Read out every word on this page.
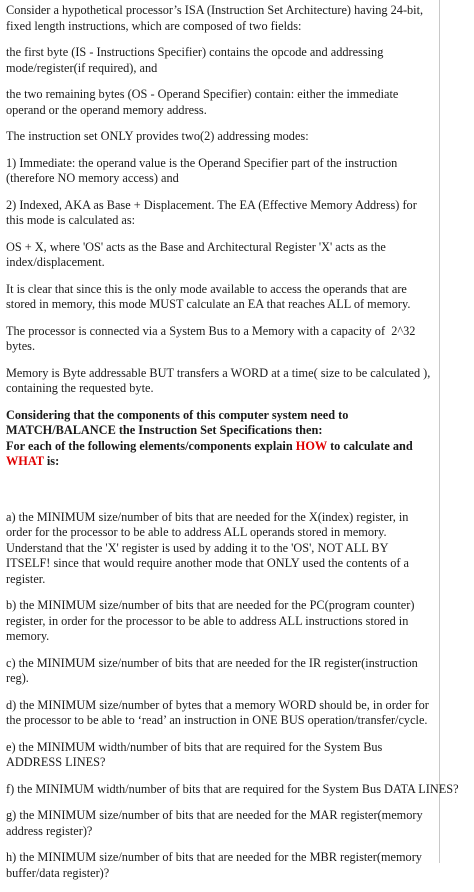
Consider a hypothetical processor’s ISA (Instruction Set Architecture) having 24-bit, fixed length instructions, which are composed of two fields:

the first byte (IS - Instructions Specifier) contains the opcode and addressing mode/register(if required), and

the two remaining bytes (OS - Operand Specifier) contain: either the immediate operand or the operand memory address.

The instruction set ONLY provides two(2) addressing modes:

1) Immediate: the operand value is the Operand Specifier part of the instruction (therefore NO memory access) and

2) Indexed, AKA as Base + Displacement. The EA (Effective Memory Address) for this mode is calculated as:

OS + X, where 'OS' acts as the Base and Architectural Register 'X' acts as the index/displacement.

It is clear that since this is the only mode available to access the operands that are stored in memory, this mode MUST calculate an EA that reaches ALL of memory.

The processor is connected via a System Bus to a Memory with a capacity of 2^32 bytes.

Memory is Byte addressable BUT transfers a WORD at a time( size to be calculated ), containing the requested byte.

Considering that the components of this computer system need to MATCH/BALANCE the Instruction Set Specifications then:
For each of the following elements/components explain HOW to calculate and
WHAT is:

a) the MINIMUM size/number of bits that are needed for the X(index) register, in order for the processor to be able to address ALL operands stored in memory. Understand that the 'X' register is used by adding it to the 'OS', NOT ALL BY ITSELF! since that would require another mode that ONLY used the contents of a register.

b) the MINIMUM size/number of bits that are needed for the PC(program counter) register, in order for the processor to be able to address ALL instructions stored in memory.

c) the MINIMUM size/number of bits that are needed for the IR register(instruction reg).

d) the MINIMUM size/number of bytes that a memory WORD should be, in order for the processor to be able to ‘read’ an instruction in ONE BUS operation/transfer/cycle.

e) the MINIMUM width/number of bits that are required for the System Bus ADDRESS LINES?

f) the MINIMUM width/number of bits that are required for the System Bus DATA LINES?

g) the MINIMUM size/number of bits that are needed for the MAR register(memory address register)?

h) the MINIMUM size/number of bits that are needed for the MBR register(memory buffer/data register)?
